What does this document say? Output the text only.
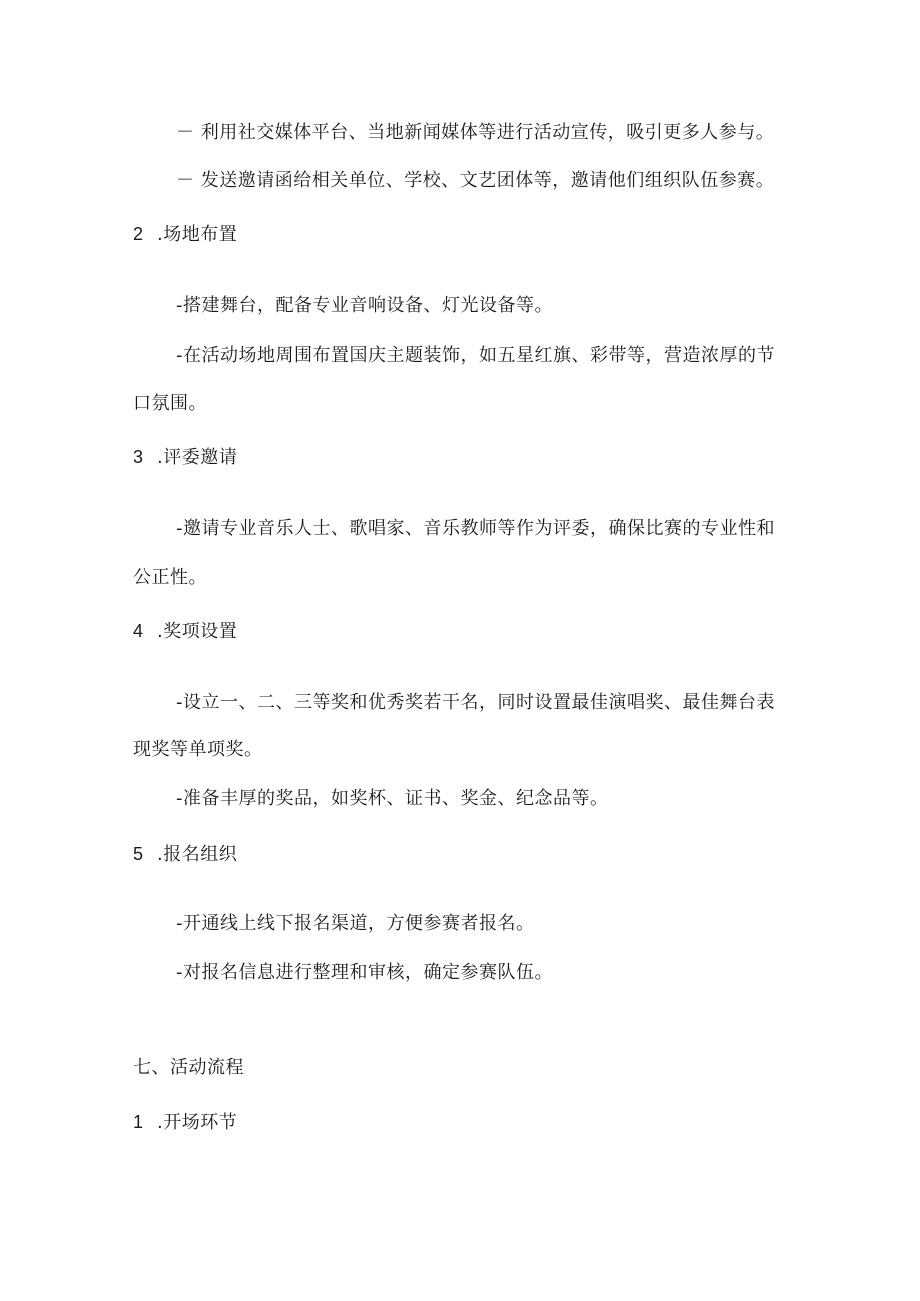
－ 利用社交媒体平台、当地新闻媒体等进行活动宣传，吸引更多人参与。
－ 发送邀请函给相关单位、学校、文艺团体等，邀请他们组织队伍参赛。
2 .场地布置
-搭建舞台，配备专业音响设备、灯光设备等。
-在活动场地周围布置国庆主题装饰，如五星红旗、彩带等，营造浓厚的节
口氛围。
3 .评委邀请
-邀请专业音乐人士、歌唱家、音乐教师等作为评委，确保比赛的专业性和
公正性。
4 .奖项设置
-设立一、二、三等奖和优秀奖若干名，同时设置最佳演唱奖、最佳舞台表
现奖等单项奖。
-准备丰厚的奖品，如奖杯、证书、奖金、纪念品等。
5 .报名组织
-开通线上线下报名渠道，方便参赛者报名。
-对报名信息进行整理和审核，确定参赛队伍。
七、活动流程
1 .开场环节
